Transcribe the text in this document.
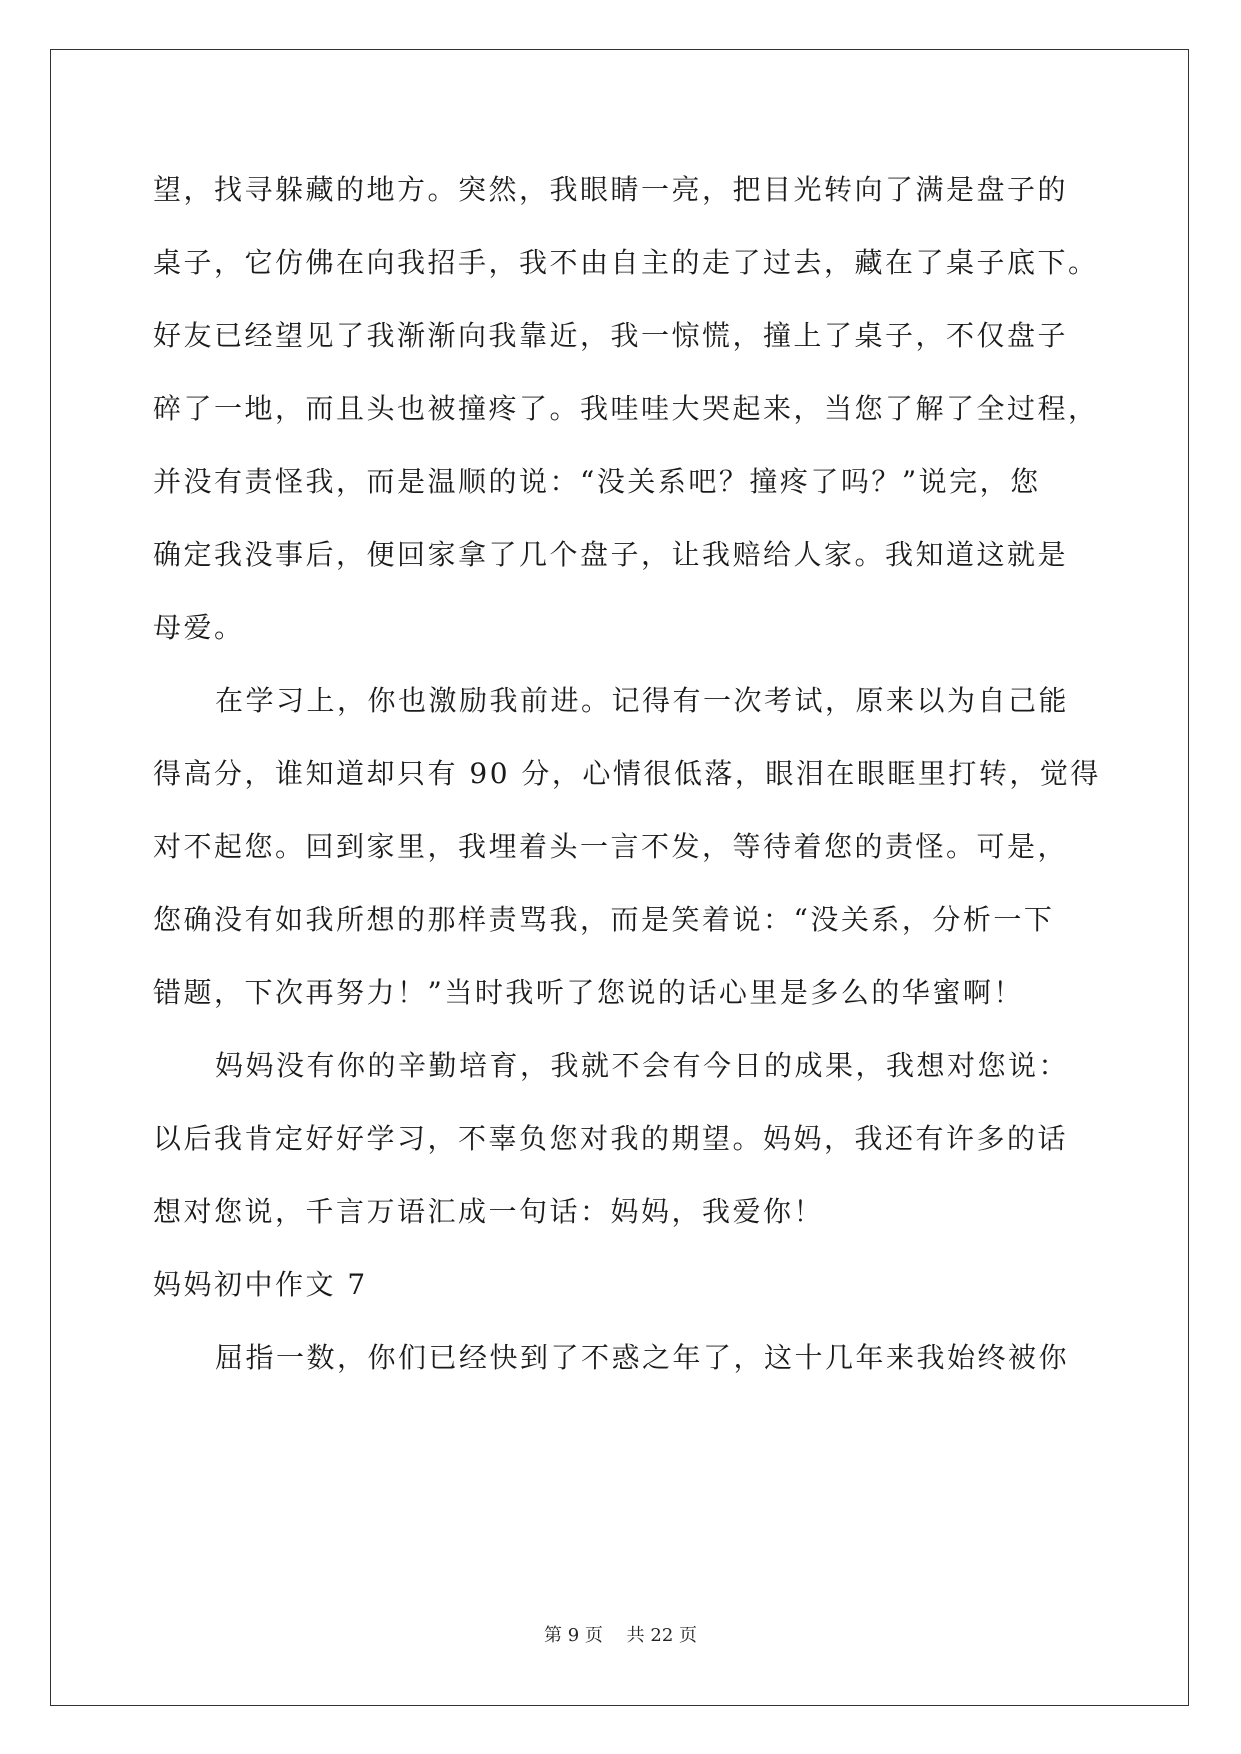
望，找寻躲藏的地方。突然，我眼睛一亮，把目光转向了满是盘子的
桌子，它仿佛在向我招手，我不由自主的走了过去，藏在了桌子底下。
好友已经望见了我渐渐向我靠近，我一惊慌，撞上了桌子，不仅盘子
碎了一地，而且头也被撞疼了。我哇哇大哭起来，当您了解了全过程，
并没有责怪我，而是温顺的说：“没关系吧？撞疼了吗？”说完，您
确定我没事后，便回家拿了几个盘子，让我赔给人家。我知道这就是
母爱。
在学习上，你也激励我前进。记得有一次考试，原来以为自己能
得高分，谁知道却只有 90 分，心情很低落，眼泪在眼眶里打转，觉得
对不起您。回到家里，我埋着头一言不发，等待着您的责怪。可是，
您确没有如我所想的那样责骂我，而是笑着说：“没关系，分析一下
错题，下次再努力！”当时我听了您说的话心里是多么的华蜜啊！
妈妈没有你的辛勤培育，我就不会有今日的成果，我想对您说：
以后我肯定好好学习，不辜负您对我的期望。妈妈，我还有许多的话
想对您说，千言万语汇成一句话：妈妈，我爱你！
妈妈初中作文 7
屈指一数，你们已经快到了不惑之年了，这十几年来我始终被你
第 9 页 共 22 页
